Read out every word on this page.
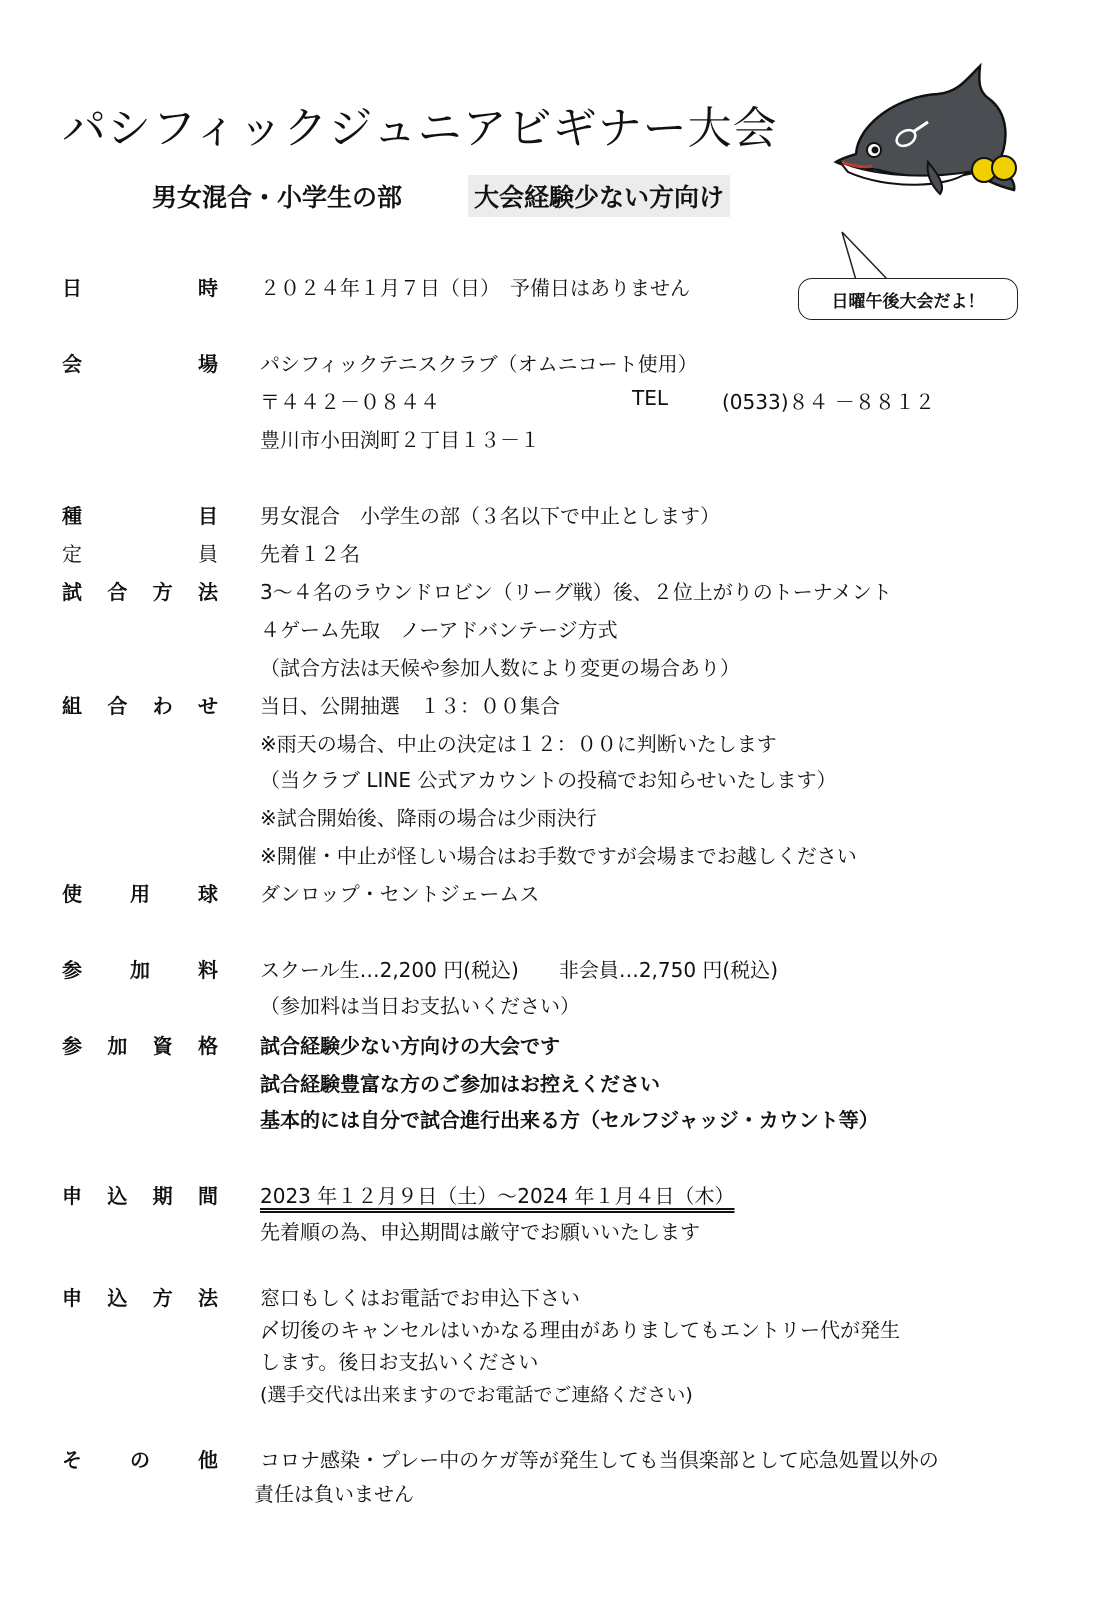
パシフィックジュニアビギナー大会
男女混合・小学生の部	大会経験少ない方向け
日曜午後大会だよ！
日	時 ２０２４年１月７日（日）　予備日はありません
会	場 パシフィックテニスクラブ（オムニコート使用）
〒４４２－０８４４	TEL	(0533)８４ －８８１２
豊川市小田渕町２丁目１３－１
種	目 男女混合　小学生の部（３名以下で中止とします）
定	員 先着１２名
試 合 方 法 3～４名のラウンドロビン（リーグ戦）後、２位上がりのトーナメント
４ゲーム先取　ノーアドバンテージ方式
（試合方法は天候や参加人数により変更の場合あり）
組 合 わ せ 当日、公開抽選　１３：００集合
※雨天の場合、中止の決定は１２：００に判断いたします
（当クラブ LINE 公式アカウントの投稿でお知らせいたします）
※試合開始後、降雨の場合は少雨決行
※開催・中止が怪しい場合はお手数ですが会場までお越しください
使 用 球 ダンロップ・セントジェームス
参 加 料 スクール生…2,200 円(税込)　　非会員…2,750 円(税込)
（参加料は当日お支払いください）
参 加 資 格 試合経験少ない方向けの大会です
試合経験豊富な方のご参加はお控えください
基本的には自分で試合進行出来る方（セルフジャッジ・カウント等）
申 込 期 間 2023 年１２月９日（土）～2024 年１月４日（木）
先着順の為、申込期間は厳守でお願いいたします
申 込 方 法 窓口もしくはお電話でお申込下さい
〆切後のキャンセルはいかなる理由がありましてもエントリー代が発生
します。後日お支払いください
(選手交代は出来ますのでお電話でご連絡ください)
そ の 他 コロナ感染・プレー中のケガ等が発生しても当倶楽部として応急処置以外の
責任は負いません
